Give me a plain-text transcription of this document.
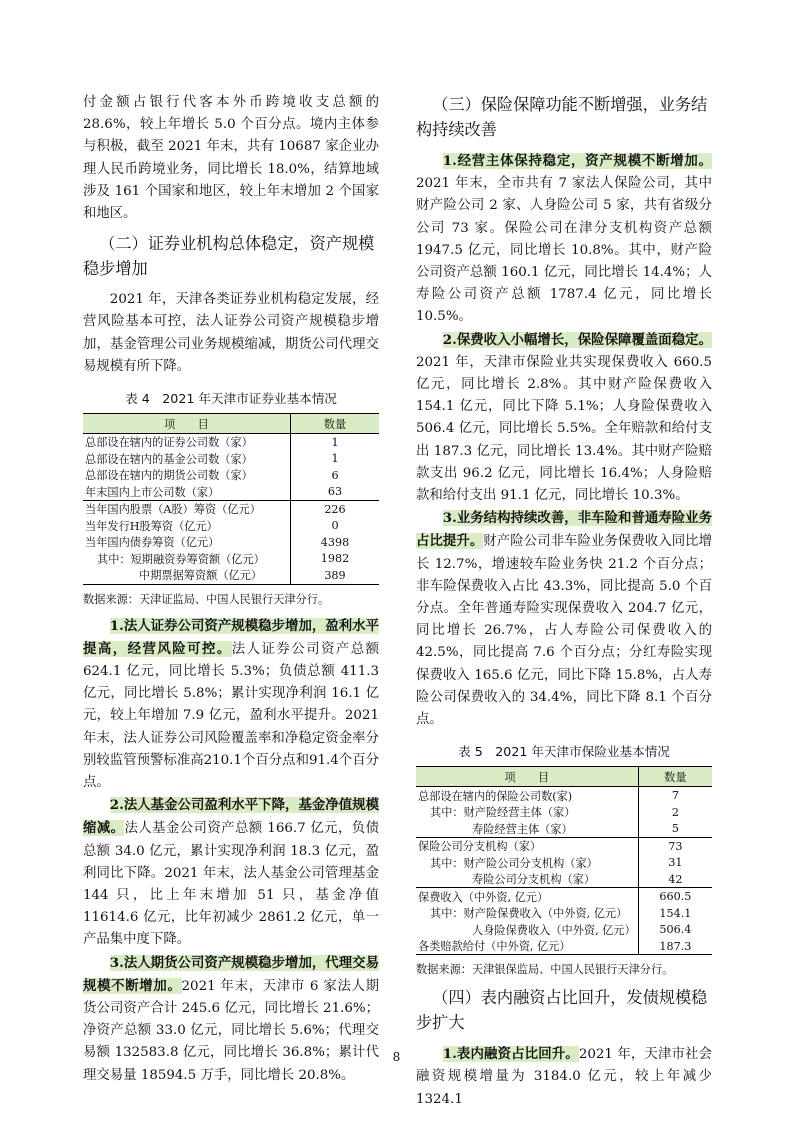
付金额占银行代客本外币跨境收支总额的 28.6%，较上年增长 5.0 个百分点。境内主体参与积极，截至 2021 年末，共有 10687 家企业办理人民币跨境业务，同比增长 18.0%，结算地域涉及 161 个国家和地区，较上年末增加 2 个国家和地区。

（二）证券业机构总体稳定，资产规模稳步增加

2021 年，天津各类证券业机构稳定发展，经营风险基本可控，法人证券公司资产规模稳步增加，基金管理公司业务规模缩减，期货公司代理交易规模有所下降。

表 4　2021 年天津市证券业基本情况
项　　目	数量
总部设在辖内的证券公司数（家）	1
总部设在辖内的基金公司数（家）	1
总部设在辖内的期货公司数（家）	6
年末国内上市公司数（家）	63
当年国内股票（A股）筹资（亿元）	226
当年发行H股筹资（亿元）	0
当年国内债券筹资（亿元）	4398
其中：短期融资券筹资额（亿元）	1982
中期票据筹资额（亿元）	389
数据来源：天津证监局、中国人民银行天津分行。

1.法人证券公司资产规模稳步增加，盈利水平提高，经营风险可控。法人证券公司资产总额 624.1 亿元，同比增长 5.3%；负债总额 411.3 亿元，同比增长 5.8%；累计实现净利润 16.1 亿元，较上年增加 7.9 亿元，盈利水平提升。2021 年末，法人证券公司风险覆盖率和净稳定资金率分别较监管预警标准高210.1个百分点和91.4个百分点。

2.法人基金公司盈利水平下降，基金净值规模缩减。法人基金公司资产总额 166.7 亿元，负债总额 34.0 亿元，累计实现净利润 18.3 亿元，盈利同比下降。2021 年末，法人基金公司管理基金 144 只，比上年末增加 51 只，基金净值 11614.6 亿元，比年初减少 2861.2 亿元，单一产品集中度下降。

3.法人期货公司资产规模稳步增加，代理交易规模不断增加。2021 年末，天津市 6 家法人期货公司资产合计 245.6 亿元，同比增长 21.6%；净资产总额 33.0 亿元，同比增长 5.6%；代理交易额 132583.8 亿元，同比增长 36.8%；累计代理交易量 18594.5 万手，同比增长 20.8%。

（三）保险保障功能不断增强，业务结构持续改善

1.经营主体保持稳定，资产规模不断增加。2021 年末，全市共有 7 家法人保险公司，其中财产险公司 2 家、人身险公司 5 家，共有省级分公司 73 家。保险公司在津分支机构资产总额 1947.5 亿元，同比增长 10.8%。其中，财产险公司资产总额 160.1 亿元，同比增长 14.4%；人寿险公司资产总额 1787.4 亿元，同比增长 10.5%。

2.保费收入小幅增长，保险保障覆盖面稳定。2021 年，天津市保险业共实现保费收入 660.5 亿元，同比增长 2.8%。其中财产险保费收入 154.1 亿元，同比下降 5.1%；人身险保费收入 506.4 亿元，同比增长 5.5%。全年赔款和给付支出 187.3 亿元，同比增长 13.4%。其中财产险赔款支出 96.2 亿元，同比增长 16.4%；人身险赔款和给付支出 91.1 亿元，同比增长 10.3%。

3.业务结构持续改善，非车险和普通寿险业务占比提升。财产险公司非车险业务保费收入同比增长 12.7%，增速较车险业务快 21.2 个百分点；非车险保费收入占比 43.3%，同比提高 5.0 个百分点。全年普通寿险实现保费收入 204.7 亿元，同比增长 26.7%，占人寿险公司保费收入的 42.5%，同比提高 7.6 个百分点；分红寿险实现保费收入 165.6 亿元，同比下降 15.8%，占人寿险公司保费收入的 34.4%，同比下降 8.1 个百分点。

表 5　2021 年天津市保险业基本情况
项　　目	数量
总部设在辖内的保险公司数(家)	7
其中：财产险经营主体（家）	2
寿险经营主体（家）	5
保险公司分支机构（家）	73
其中：财产险公司分支机构（家）	31
寿险公司分支机构（家）	42
保费收入（中外资, 亿元）	660.5
其中：财产险保费收入（中外资, 亿元）	154.1
人身险保费收入（中外资, 亿元）	506.4
各类赔款给付（中外资, 亿元）	187.3
数据来源：天津银保监局、中国人民银行天津分行。
（四）表内融资占比回升，发债规模稳步扩大

1.表内融资占比回升。2021 年，天津市社会融资规模增量为 3184.0 亿元，较上年减少 1324.1

8
